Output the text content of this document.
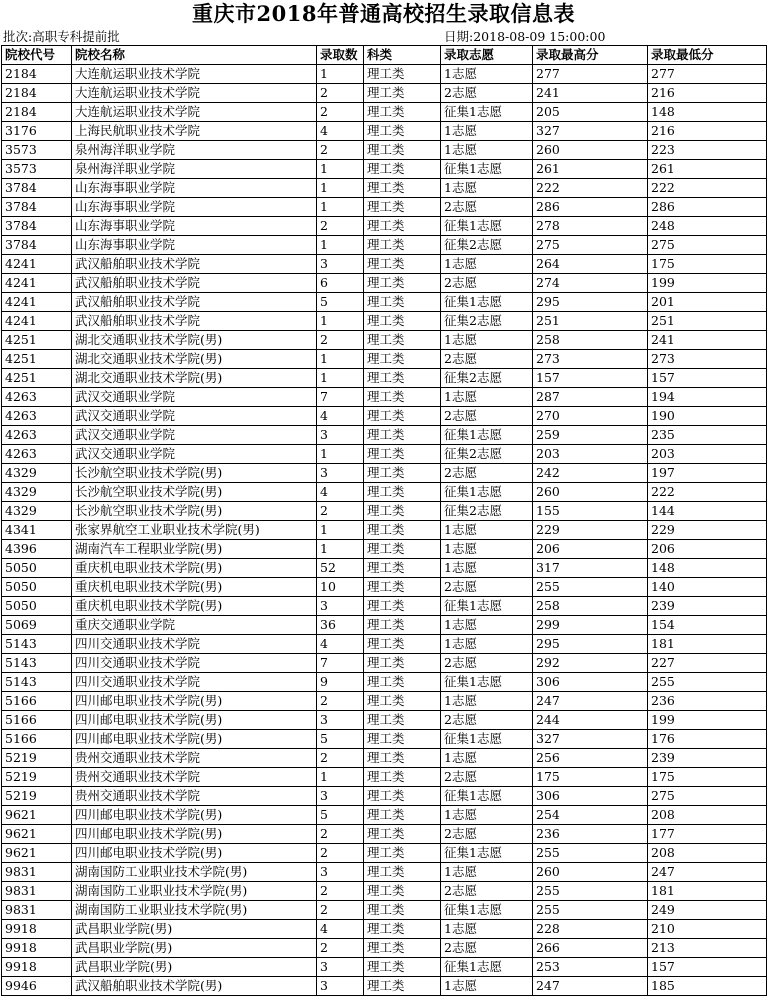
重庆市2018年普通高校招生录取信息表
批次:高职专科提前批	日期:2018-08-09 15:00:00
院校代号	院校名称	录取数	科类	录取志愿	录取最高分	录取最低分
2184	大连航运职业技术学院	1	理工类	1志愿	277	277
2184	大连航运职业技术学院	2	理工类	2志愿	241	216
2184	大连航运职业技术学院	2	理工类	征集1志愿	205	148
3176	上海民航职业技术学院	4	理工类	1志愿	327	216
3573	泉州海洋职业学院	2	理工类	1志愿	260	223
3573	泉州海洋职业学院	1	理工类	征集1志愿	261	261
3784	山东海事职业学院	1	理工类	1志愿	222	222
3784	山东海事职业学院	1	理工类	2志愿	286	286
3784	山东海事职业学院	2	理工类	征集1志愿	278	248
3784	山东海事职业学院	1	理工类	征集2志愿	275	275
4241	武汉船舶职业技术学院	3	理工类	1志愿	264	175
4241	武汉船舶职业技术学院	6	理工类	2志愿	274	199
4241	武汉船舶职业技术学院	5	理工类	征集1志愿	295	201
4241	武汉船舶职业技术学院	1	理工类	征集2志愿	251	251
4251	湖北交通职业技术学院(男)	2	理工类	1志愿	258	241
4251	湖北交通职业技术学院(男)	1	理工类	2志愿	273	273
4251	湖北交通职业技术学院(男)	1	理工类	征集2志愿	157	157
4263	武汉交通职业学院	7	理工类	1志愿	287	194
4263	武汉交通职业学院	4	理工类	2志愿	270	190
4263	武汉交通职业学院	3	理工类	征集1志愿	259	235
4263	武汉交通职业学院	1	理工类	征集2志愿	203	203
4329	长沙航空职业技术学院(男)	3	理工类	2志愿	242	197
4329	长沙航空职业技术学院(男)	4	理工类	征集1志愿	260	222
4329	长沙航空职业技术学院(男)	2	理工类	征集2志愿	155	144
4341	张家界航空工业职业技术学院(男)	1	理工类	1志愿	229	229
4396	湖南汽车工程职业学院(男)	1	理工类	1志愿	206	206
5050	重庆机电职业技术学院(男)	52	理工类	1志愿	317	148
5050	重庆机电职业技术学院(男)	10	理工类	2志愿	255	140
5050	重庆机电职业技术学院(男)	3	理工类	征集1志愿	258	239
5069	重庆交通职业学院	36	理工类	1志愿	299	154
5143	四川交通职业技术学院	4	理工类	1志愿	295	181
5143	四川交通职业技术学院	7	理工类	2志愿	292	227
5143	四川交通职业技术学院	9	理工类	征集1志愿	306	255
5166	四川邮电职业技术学院(男)	2	理工类	1志愿	247	236
5166	四川邮电职业技术学院(男)	3	理工类	2志愿	244	199
5166	四川邮电职业技术学院(男)	5	理工类	征集1志愿	327	176
5219	贵州交通职业技术学院	2	理工类	1志愿	256	239
5219	贵州交通职业技术学院	1	理工类	2志愿	175	175
5219	贵州交通职业技术学院	3	理工类	征集1志愿	306	275
9621	四川邮电职业技术学院(男)	5	理工类	1志愿	254	208
9621	四川邮电职业技术学院(男)	2	理工类	2志愿	236	177
9621	四川邮电职业技术学院(男)	2	理工类	征集1志愿	255	208
9831	湖南国防工业职业技术学院(男)	3	理工类	1志愿	260	247
9831	湖南国防工业职业技术学院(男)	2	理工类	2志愿	255	181
9831	湖南国防工业职业技术学院(男)	2	理工类	征集1志愿	255	249
9918	武昌职业学院(男)	4	理工类	1志愿	228	210
9918	武昌职业学院(男)	2	理工类	2志愿	266	213
9918	武昌职业学院(男)	3	理工类	征集1志愿	253	157
9946	武汉船舶职业技术学院(男)	3	理工类	1志愿	247	185
